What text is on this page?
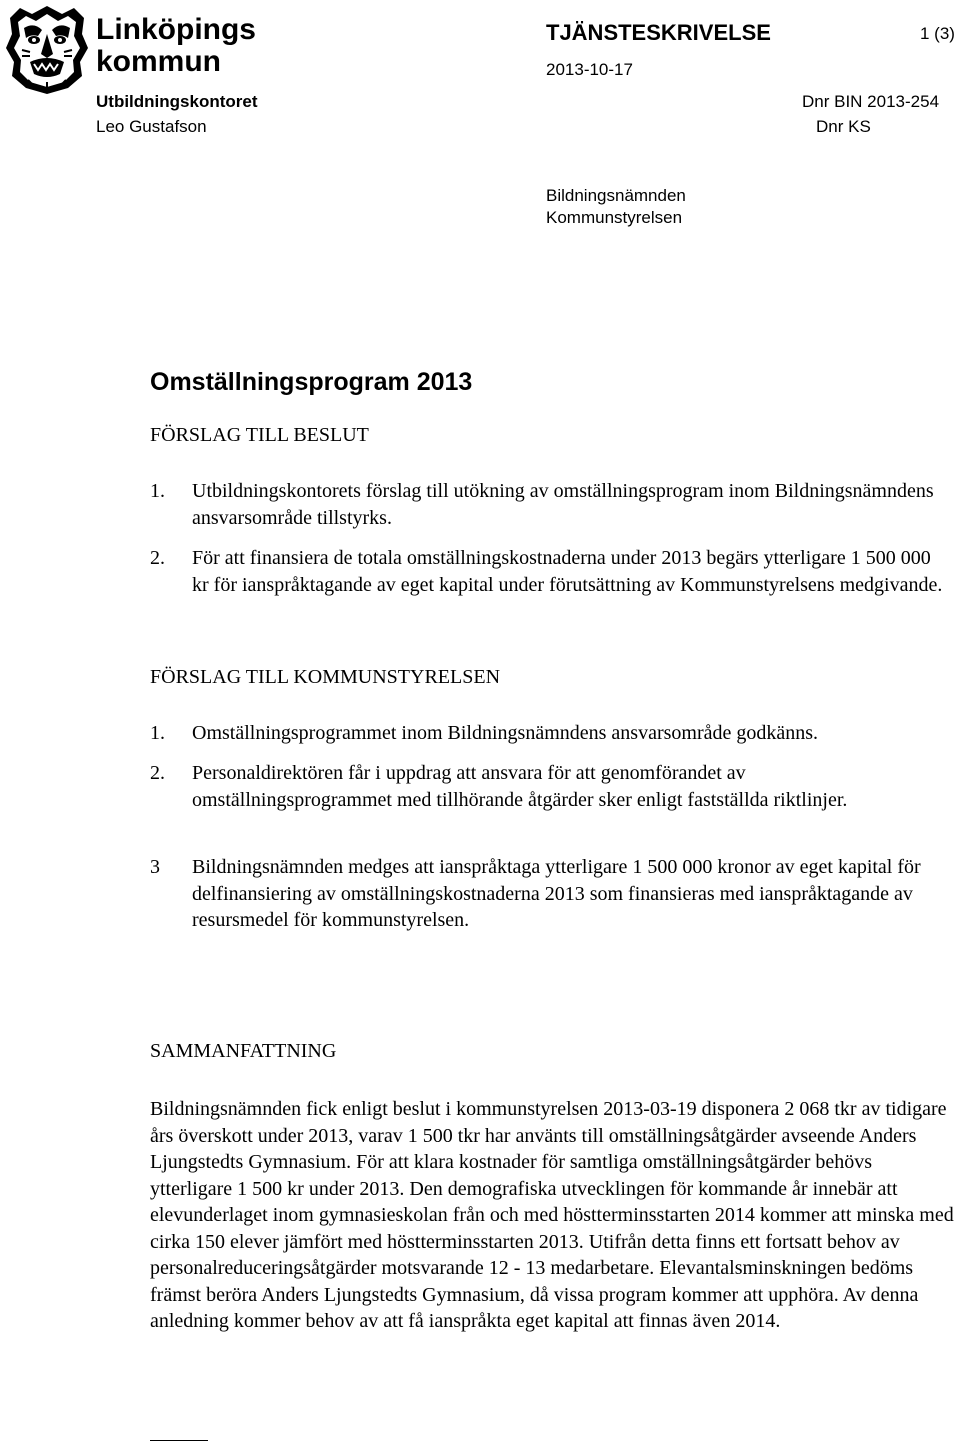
Linköpings
kommun
TJÄNSTESKRIVELSE	1 (3)
2013-10-17
Utbildningskontoret
Leo Gustafson
Dnr BIN 2013-254
Dnr KS
Bildningsnämnden
Kommunstyrelsen
Omställningsprogram 2013
FÖRSLAG TILL BESLUT
1. Utbildningskontorets förslag till utökning av omställningsprogram inom Bildningsnämndens ansvarsområde tillstyrks.
2. För att finansiera de totala omställningskostnaderna under 2013 begärs ytterligare 1 500 000 kr för ianspråktagande av eget kapital under förutsättning av Kommunstyrelsens medgivande.
FÖRSLAG TILL KOMMUNSTYRELSEN
1. Omställningsprogrammet inom Bildningsnämndens ansvarsområde godkänns.
2. Personaldirektören får i uppdrag att ansvara för att genomförandet av omställningsprogrammet med tillhörande åtgärder sker enligt fastställda riktlinjer.
3 Bildningsnämnden medges att ianspråktaga ytterligare 1 500 000 kronor av eget kapital för delfinansiering av omställningskostnaderna 2013 som finansieras med ianspråktagande av resursmedel för kommunstyrelsen.
SAMMANFATTNING
Bildningsnämnden fick enligt beslut i kommunstyrelsen 2013-03-19 disponera 2 068 tkr av tidigare års överskott under 2013, varav 1 500 tkr har använts till omställningsåtgärder avseende Anders Ljungstedts Gymnasium. För att klara kostnader för samtliga omställningsåtgärder behövs ytterligare 1 500 kr under 2013. Den demografiska utvecklingen för kommande år innebär att elevunderlaget inom gymnasieskolan från och med höstterminsstarten 2014 kommer att minska med cirka 150 elever jämfört med höstterminsstarten 2013. Utifrån detta finns ett fortsatt behov av personalreduceringsåtgärder motsvarande 12 - 13 medarbetare. Elevantalsminskningen bedöms främst beröra Anders Ljungstedts Gymnasium, då vissa program kommer att upphöra. Av denna anledning kommer behov av att få ianspråkta eget kapital att finnas även 2014.
